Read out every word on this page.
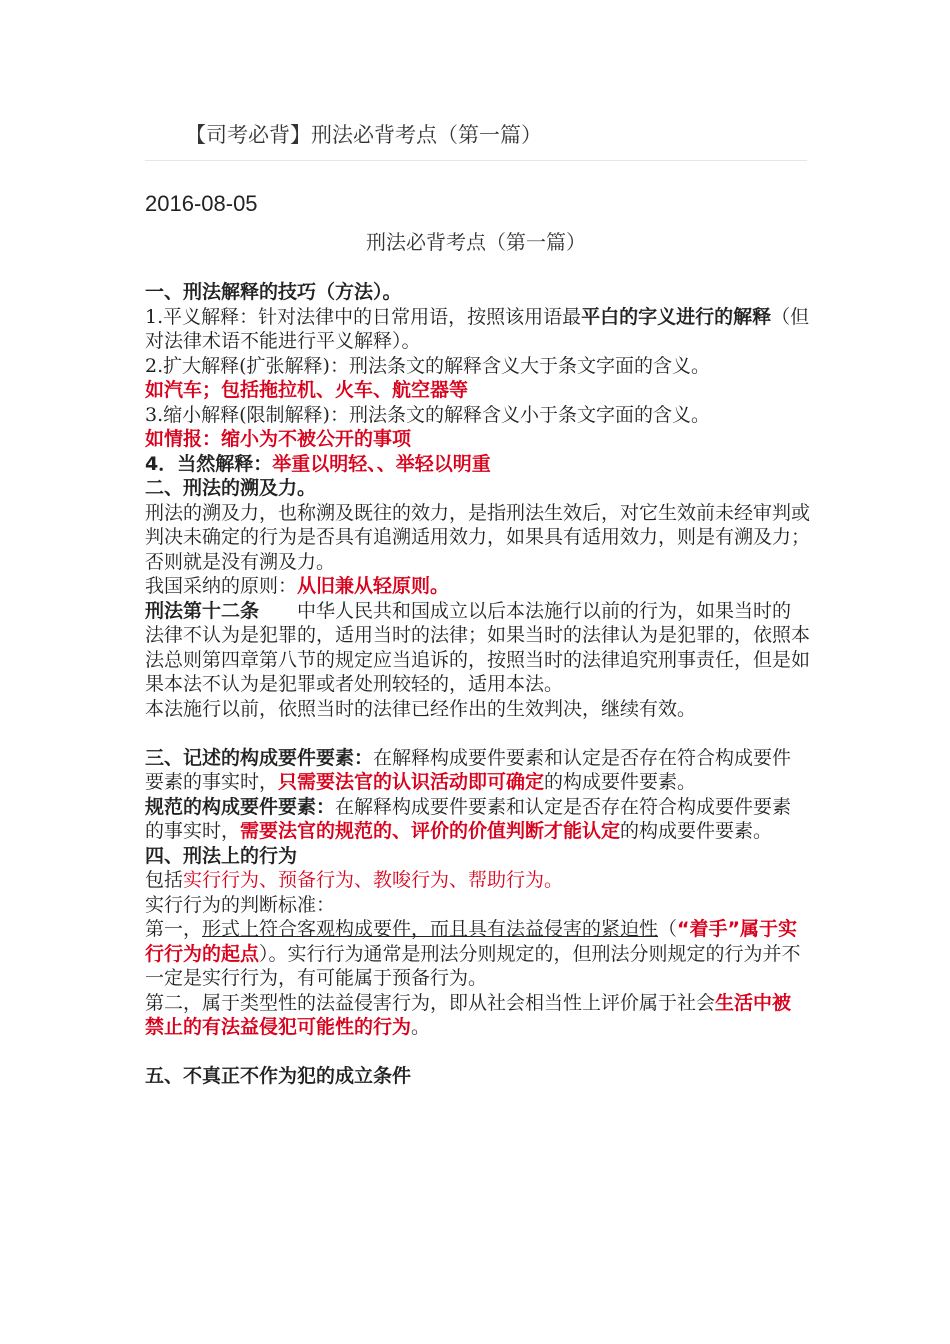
【司考必背】刑法必背考点（第一篇）
2016-08-05
刑法必背考点（第一篇）

一、刑法解释的技巧（方法）。

1.平义解释：针对法律中的日常用语，按照该用语最平白的字义进行的解释（但对法律术语不能进行平义解释）。

2.扩大解释(扩张解释)：刑法条文的解释含义大于条文字面的含义。

如汽车；包括拖拉机、火车、航空器等

3.缩小解释(限制解释)：刑法条文的解释含义小于条文字面的含义。

如情报：缩小为不被公开的事项

4．当然解释：举重以明轻、、举轻以明重

二、刑法的溯及力。

刑法的溯及力，也称溯及既往的效力，是指刑法生效后，对它生效前未经审判或判决未确定的行为是否具有追溯适用效力，如果具有适用效力，则是有溯及力；否则就是没有溯及力。

我国采纳的原则：从旧兼从轻原则。

刑法第十二条　　中华人民共和国成立以后本法施行以前的行为，如果当时的法律不认为是犯罪的，适用当时的法律；如果当时的法律认为是犯罪的，依照本法总则第四章第八节的规定应当追诉的，按照当时的法律追究刑事责任，但是如果本法不认为是犯罪或者处刑较轻的，适用本法。

本法施行以前，依照当时的法律已经作出的生效判决，继续有效。

三、记述的构成要件要素：在解释构成要件要素和认定是否存在符合构成要件要素的事实时，只需要法官的认识活动即可确定的构成要件要素。

规范的构成要件要素：在解释构成要件要素和认定是否存在符合构成要件要素的事实时，需要法官的规范的、评价的价值判断才能认定的构成要件要素。

四、刑法上的行为

包括实行行为、预备行为、教唆行为、帮助行为。

实行行为的判断标准：

第一，形式上符合客观构成要件，而且具有法益侵害的紧迫性（“着手”属于实行行为的起点）。实行行为通常是刑法分则规定的，但刑法分则规定的行为并不一定是实行行为，有可能属于预备行为。

第二，属于类型性的法益侵害行为，即从社会相当性上评价属于社会生活中被禁止的有法益侵犯可能性的行为。

五、不真正不作为犯的成立条件
